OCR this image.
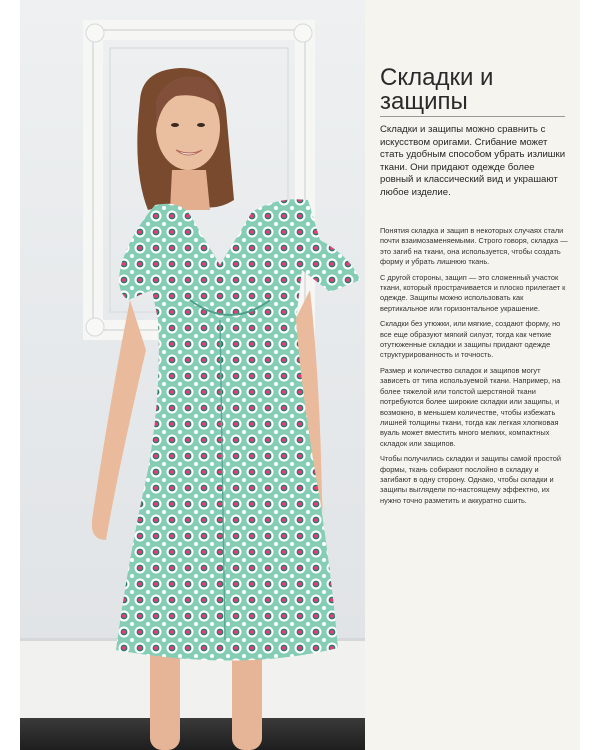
Складки и защипы

Складки и защипы можно сравнить с искусством оригами. Сгибание может стать удобным способом убрать излишки ткани. Они придают одежде более ровный и классический вид и украшают любое изделие.

Понятия складка и защип в некоторых случаях стали почти взаимозаменяемыми. Строго говоря, складка — это загиб на ткани, она используется, чтобы создать форму и убрать лишнюю ткань.

С другой стороны, защип — это сложенный участок ткани, который прострачивается и плоско прилегает к одежде. Защипы можно использовать как вертикальное или горизонтальное украшение.

Складки без утюжки, или мягкие, создают форму, но все еще образуют мягкий силуэт, тогда как четкие отутюженные складки и защипы придают одежде структурированность и точность.

Размер и количество складок и защипов могут зависеть от типа используемой ткани. Например, на более тяжелой или толстой шерстяной ткани потребуются более широкие складки или защипы, и возможно, в меньшем количестве, чтобы избежать лишней толщины ткани, тогда как легкая хлопковая вуаль может вместить много мелких, компактных складок или защипов.

Чтобы получились складки и защипы самой простой формы, ткань собирают послойно в складку и загибают в одну сторону. Однако, чтобы складки и защипы выглядели по-настоящему эффектно, их нужно точно разметить и аккуратно сшить.
